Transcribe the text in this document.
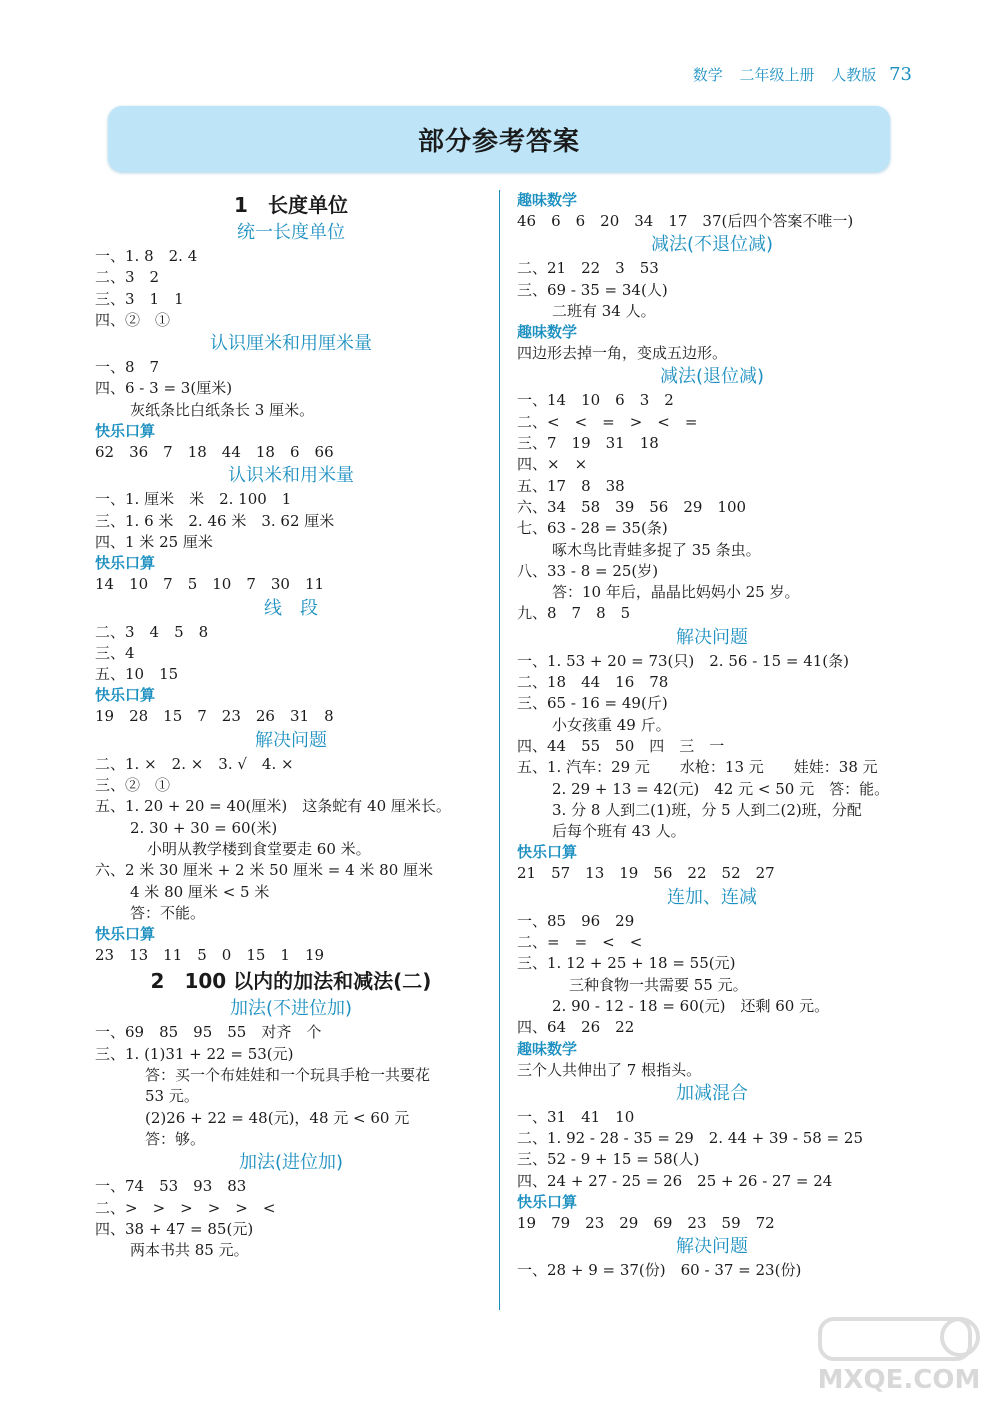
数学 二年级上册 人教版 73
部分参考答案
1　长度单位
统一长度单位
一、1. 8　2. 4
二、3　2
三、3　1　1
四、②　①
认识厘米和用厘米量
一、8　7
四、6 - 3 = 3(厘米)
灰纸条比白纸条长 3 厘米。
快乐口算
62　36　7　18　44　18　6　66
认识米和用米量
一、1. 厘米　米　2. 100　1
三、1. 6 米　2. 46 米　3. 62 厘米
四、1 米 25 厘米
快乐口算
14　10　7　5　10　7　30　11
线　段
二、3　4　5　8
三、4
五、10　15
快乐口算
19　28　15　7　23　26　31　8
解决问题
二、1. ×　2. ×　3. √　4. ×
三、②　①
五、1. 20 + 20 = 40(厘米)　这条蛇有 40 厘米长。
2. 30 + 30 = 60(米)
小明从教学楼到食堂要走 60 米。
六、2 米 30 厘米 + 2 米 50 厘米 = 4 米 80 厘米
4 米 80 厘米 < 5 米
答：不能。
快乐口算
23　13　11　5　0　15　1　19
2　100 以内的加法和减法(二)
加法(不进位加)
一、69　85　95　55　对齐　个
三、1. (1)31 + 22 = 53(元)
答：买一个布娃娃和一个玩具手枪一共要花
53 元。
(2)26 + 22 = 48(元)，48 元 < 60 元
答：够。
加法(进位加)
一、74　53　93　83
二、>　>　>　>　>　<
四、38 + 47 = 85(元)
两本书共 85 元。
趣味数学
46　6　6　20　34　17　37(后四个答案不唯一)
减法(不退位减)
二、21　22　3　53
三、69 - 35 = 34(人)
二班有 34 人。
趣味数学
四边形去掉一角，变成五边形。
减法(退位减)
一、14　10　6　3　2
二、<　<　=　>　<　=
三、7　19　31　18
四、×　×
五、17　8　38
六、34　58　39　56　29　100
七、63 - 28 = 35(条)
啄木鸟比青蛙多捉了 35 条虫。
八、33 - 8 = 25(岁)
答：10 年后，晶晶比妈妈小 25 岁。
九、8　7　8　5
解决问题
一、1. 53 + 20 = 73(只)　2. 56 - 15 = 41(条)
二、18　44　16　78
三、65 - 16 = 49(斤)
小女孩重 49 斤。
四、44　55　50　四　三　一
五、1. 汽车：29 元　　水枪：13 元　　娃娃：38 元
2. 29 + 13 = 42(元)　42 元 < 50 元　答：能。
3. 分 8 人到二(1)班，分 5 人到二(2)班，分配
后每个班有 43 人。
快乐口算
21　57　13　19　56　22　52　27
连加、连减
一、85　96　29
二、=　=　<　<
三、1. 12 + 25 + 18 = 55(元)
三种食物一共需要 55 元。
2. 90 - 12 - 18 = 60(元)　还剩 60 元。
四、64　26　22
趣味数学
三个人共伸出了 7 根指头。
加减混合
一、31　41　10
二、1. 92 - 28 - 35 = 29　2. 44 + 39 - 58 = 25
三、52 - 9 + 15 = 58(人)
四、24 + 27 - 25 = 26　25 + 26 - 27 = 24
快乐口算
19　79　23　29　69　23　59　72
解决问题
一、28 + 9 = 37(份)　60 - 37 = 23(份)
MXQE.COM
